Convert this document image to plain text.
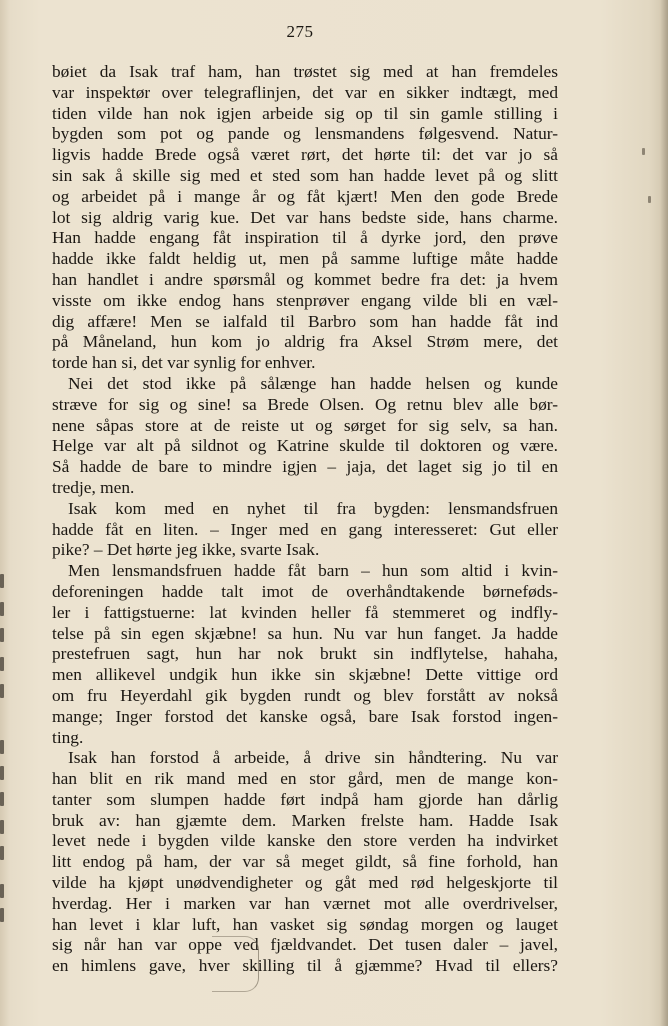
275
bøiet da Isak traf ham, han trøstet sig med at han fremdeles
var inspektør over telegraflinjen, det var en sikker indtægt, med
tiden vilde han nok igjen arbeide sig op til sin gamle stilling i
bygden som pot og pande og lensmandens følgesvend. Natur-
ligvis hadde Brede også været rørt, det hørte til: det var jo så
sin sak å skille sig med et sted som han hadde levet på og slitt
og arbeidet på i mange år og fåt kjært! Men den gode Brede
lot sig aldrig varig kue. Det var hans bedste side, hans charme.
Han hadde engang fåt inspiration til å dyrke jord, den prøve
hadde ikke faldt heldig ut, men på samme luftige måte hadde
han handlet i andre spørsmål og kommet bedre fra det: ja hvem
visste om ikke endog hans stenprøver engang vilde bli en væl-
dig affære! Men se ialfald til Barbro som han hadde fåt ind
på Måneland, hun kom jo aldrig fra Aksel Strøm mere, det
torde han si, det var synlig for enhver.
Nei det stod ikke på sålænge han hadde helsen og kunde
stræve for sig og sine! sa Brede Olsen. Og retnu blev alle bør-
nene såpas store at de reiste ut og sørget for sig selv, sa han.
Helge var alt på sildnot og Katrine skulde til doktoren og være.
Så hadde de bare to mindre igjen – jaja, det laget sig jo til en
tredje, men.
Isak kom med en nyhet til fra bygden: lensmandsfruen
hadde fåt en liten. – Inger med en gang interesseret: Gut eller
pike? – Det hørte jeg ikke, svarte Isak.
Men lensmandsfruen hadde fåt barn – hun som altid i kvin-
deforeningen hadde talt imot de overhåndtakende børneføds-
ler i fattigstuerne: lat kvinden heller få stemmeret og indfly-
telse på sin egen skjæbne! sa hun. Nu var hun fanget. Ja hadde
prestefruen sagt, hun har nok brukt sin indflytelse, hahaha,
men allikevel undgik hun ikke sin skjæbne! Dette vittige ord
om fru Heyerdahl gik bygden rundt og blev forstått av nokså
mange; Inger forstod det kanske også, bare Isak forstod ingen-
ting.
Isak han forstod å arbeide, å drive sin håndtering. Nu var
han blit en rik mand med en stor gård, men de mange kon-
tanter som slumpen hadde ført indpå ham gjorde han dårlig
bruk av: han gjæmte dem. Marken frelste ham. Hadde Isak
levet nede i bygden vilde kanske den store verden ha indvirket
litt endog på ham, der var så meget gildt, så fine forhold, han
vilde ha kjøpt unødvendigheter og gåt med rød helgeskjorte til
hverdag. Her i marken var han værnet mot alle overdrivelser,
han levet i klar luft, han vasket sig søndag morgen og lauget
sig når han var oppe ved fjældvandet. Det tusen daler – javel,
en himlens gave, hver skilling til å gjæmme? Hvad til ellers?
